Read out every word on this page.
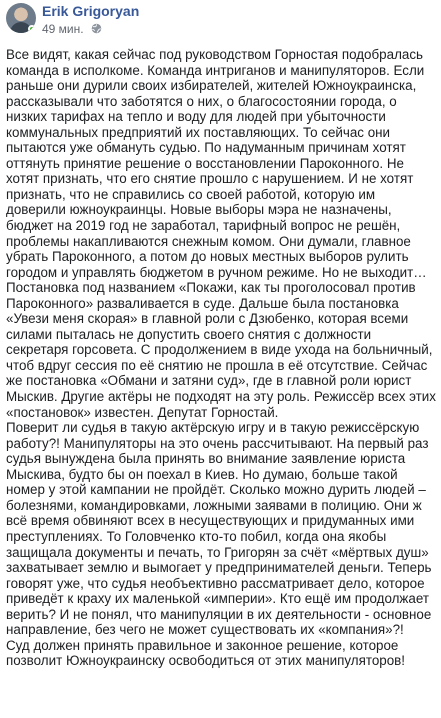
Erik Grigoryan
49 мин.

Все видят, какая сейчас под руководством Горностая подобралась команда в исполкоме. Команда интриганов и манипуляторов. Если раньше они дурили своих избирателей, жителей Южноукраинска, рассказывали что заботятся о них, о благосостоянии города, о низких тарифах на тепло и воду для людей при убыточности коммунальных предприятий их поставляющих. То сейчас они пытаются уже обмануть судью. По надуманным причинам хотят оттянуть принятие решение о восстановлении Пароконного. Не хотят признать, что его снятие прошло с нарушением. И не хотят признать, что не справились со своей работой, которую им доверили южноукраинцы. Новые выборы мэра не назначены, бюджет на 2019 год не заработал, тарифный вопрос не решён, проблемы накапливаются снежным комом. Они думали, главное убрать Пароконного, а потом до новых местных выборов рулить городом и управлять бюджетом в ручном режиме. Но не выходит…

Постановка под названием «Покажи, как ты проголосовал против Пароконного» разваливается в суде. Дальше была постановка «Увези меня скорая» в главной роли с Дзюбенко, которая всеми силами пыталась не допустить своего снятия с должности секретаря горсовета. С продолжением в виде ухода на больничный, чтоб вдруг сессия по её снятию не прошла в её отсутствие. Сейчас же постановка «Обмани и затяни суд», где в главной роли юрист Мыскив. Другие актёры не подходят на эту роль. Режиссёр всех этих «постановок» известен. Депутат Горностай.

Поверит ли судья в такую актёрскую игру и в такую режиссёрскую работу?! Манипуляторы на это очень рассчитывают. На первый раз судья вынуждена была принять во внимание заявление юриста Мыскива, будто бы он поехал в Киев. Но думаю, больше такой номер у этой кампании не пройдёт. Сколько можно дурить людей – болезнями, командировками, ложными заявами в полицию. Они ж всё время обвиняют всех в несуществующих и придуманных ими преступлениях. То Головченко кто-то побил, когда она якобы защищала документы и печать, то Григорян за счёт «мёртвых душ» захватывает землю и вымогает у предпринимателей деньги. Теперь говорят уже, что судья необъективно рассматривает дело, которое приведёт к краху их маленькой «империи». Кто ещё им продолжает верить? И не понял, что манипуляции в их деятельности - основное направление, без чего не может существовать их «компания»?!

Суд должен принять правильное и законное решение, которое позволит Южноукраинску освободиться от этих манипуляторов!
